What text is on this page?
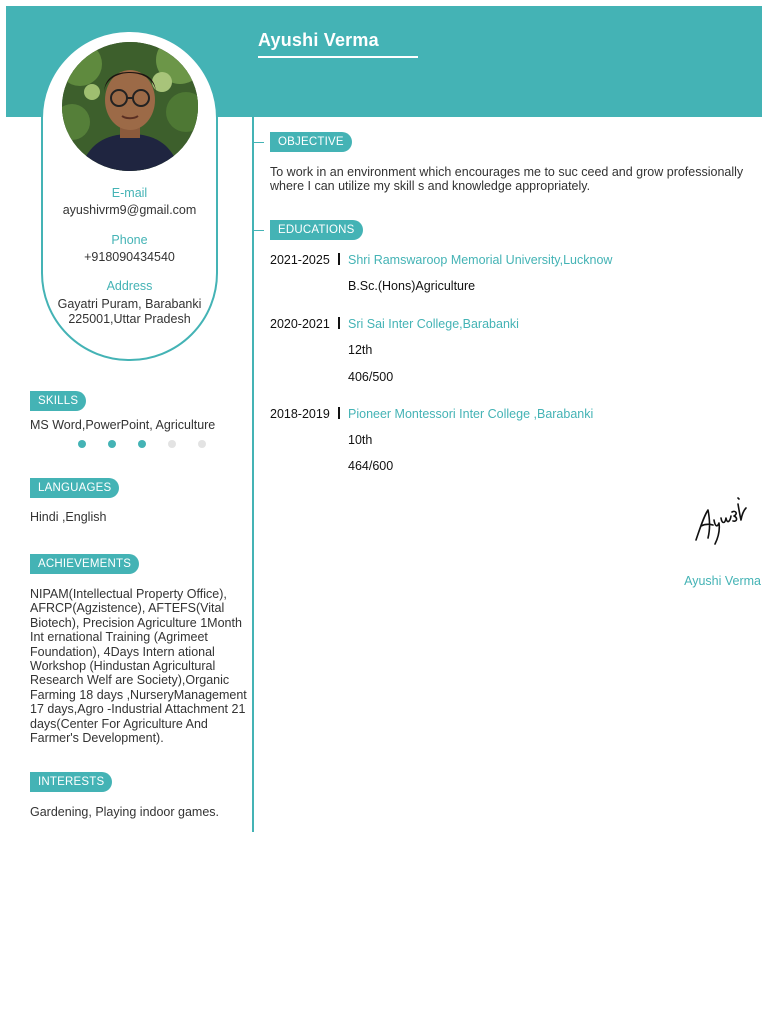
Ayushi Verma
E-mail
ayushivrm9@gmail.com
Phone
+918090434540
Address
Gayatri Puram, Barabanki
225001,Uttar Pradesh
SKILLS
MS Word,PowerPoint, Agriculture
LANGUAGES
Hindi ,English
ACHIEVEMENTS
NIPAM(Intellectual Property Office),
AFRCP(Agzistence), AFTEFS(Vital
Biotech), Precision Agriculture 1Month
Int ernational Training (Agrimeet
Foundation), 4Days Intern ational
Workshop (Hindustan Agricultural
Research Welf are Society),Organic
Farming 18 days ,NurseryManagement
17 days,Agro -Industrial Attachment 21
days(Center For Agriculture And
Farmer's Development).
INTERESTS
Gardening, Playing indoor games.
OBJECTIVE
To work in an environment which encourages me to suc ceed and grow professionally
where I can utilize my skill s and knowledge appropriately.
EDUCATIONS
2021-2025 Shri Ramswaroop Memorial University,Lucknow
B.Sc.(Hons)Agriculture
2020-2021 Sri Sai Inter College,Barabanki
12th
406/500
2018-2019 Pioneer Montessori Inter College ,Barabanki
10th
464/600
Ayushi Verma
